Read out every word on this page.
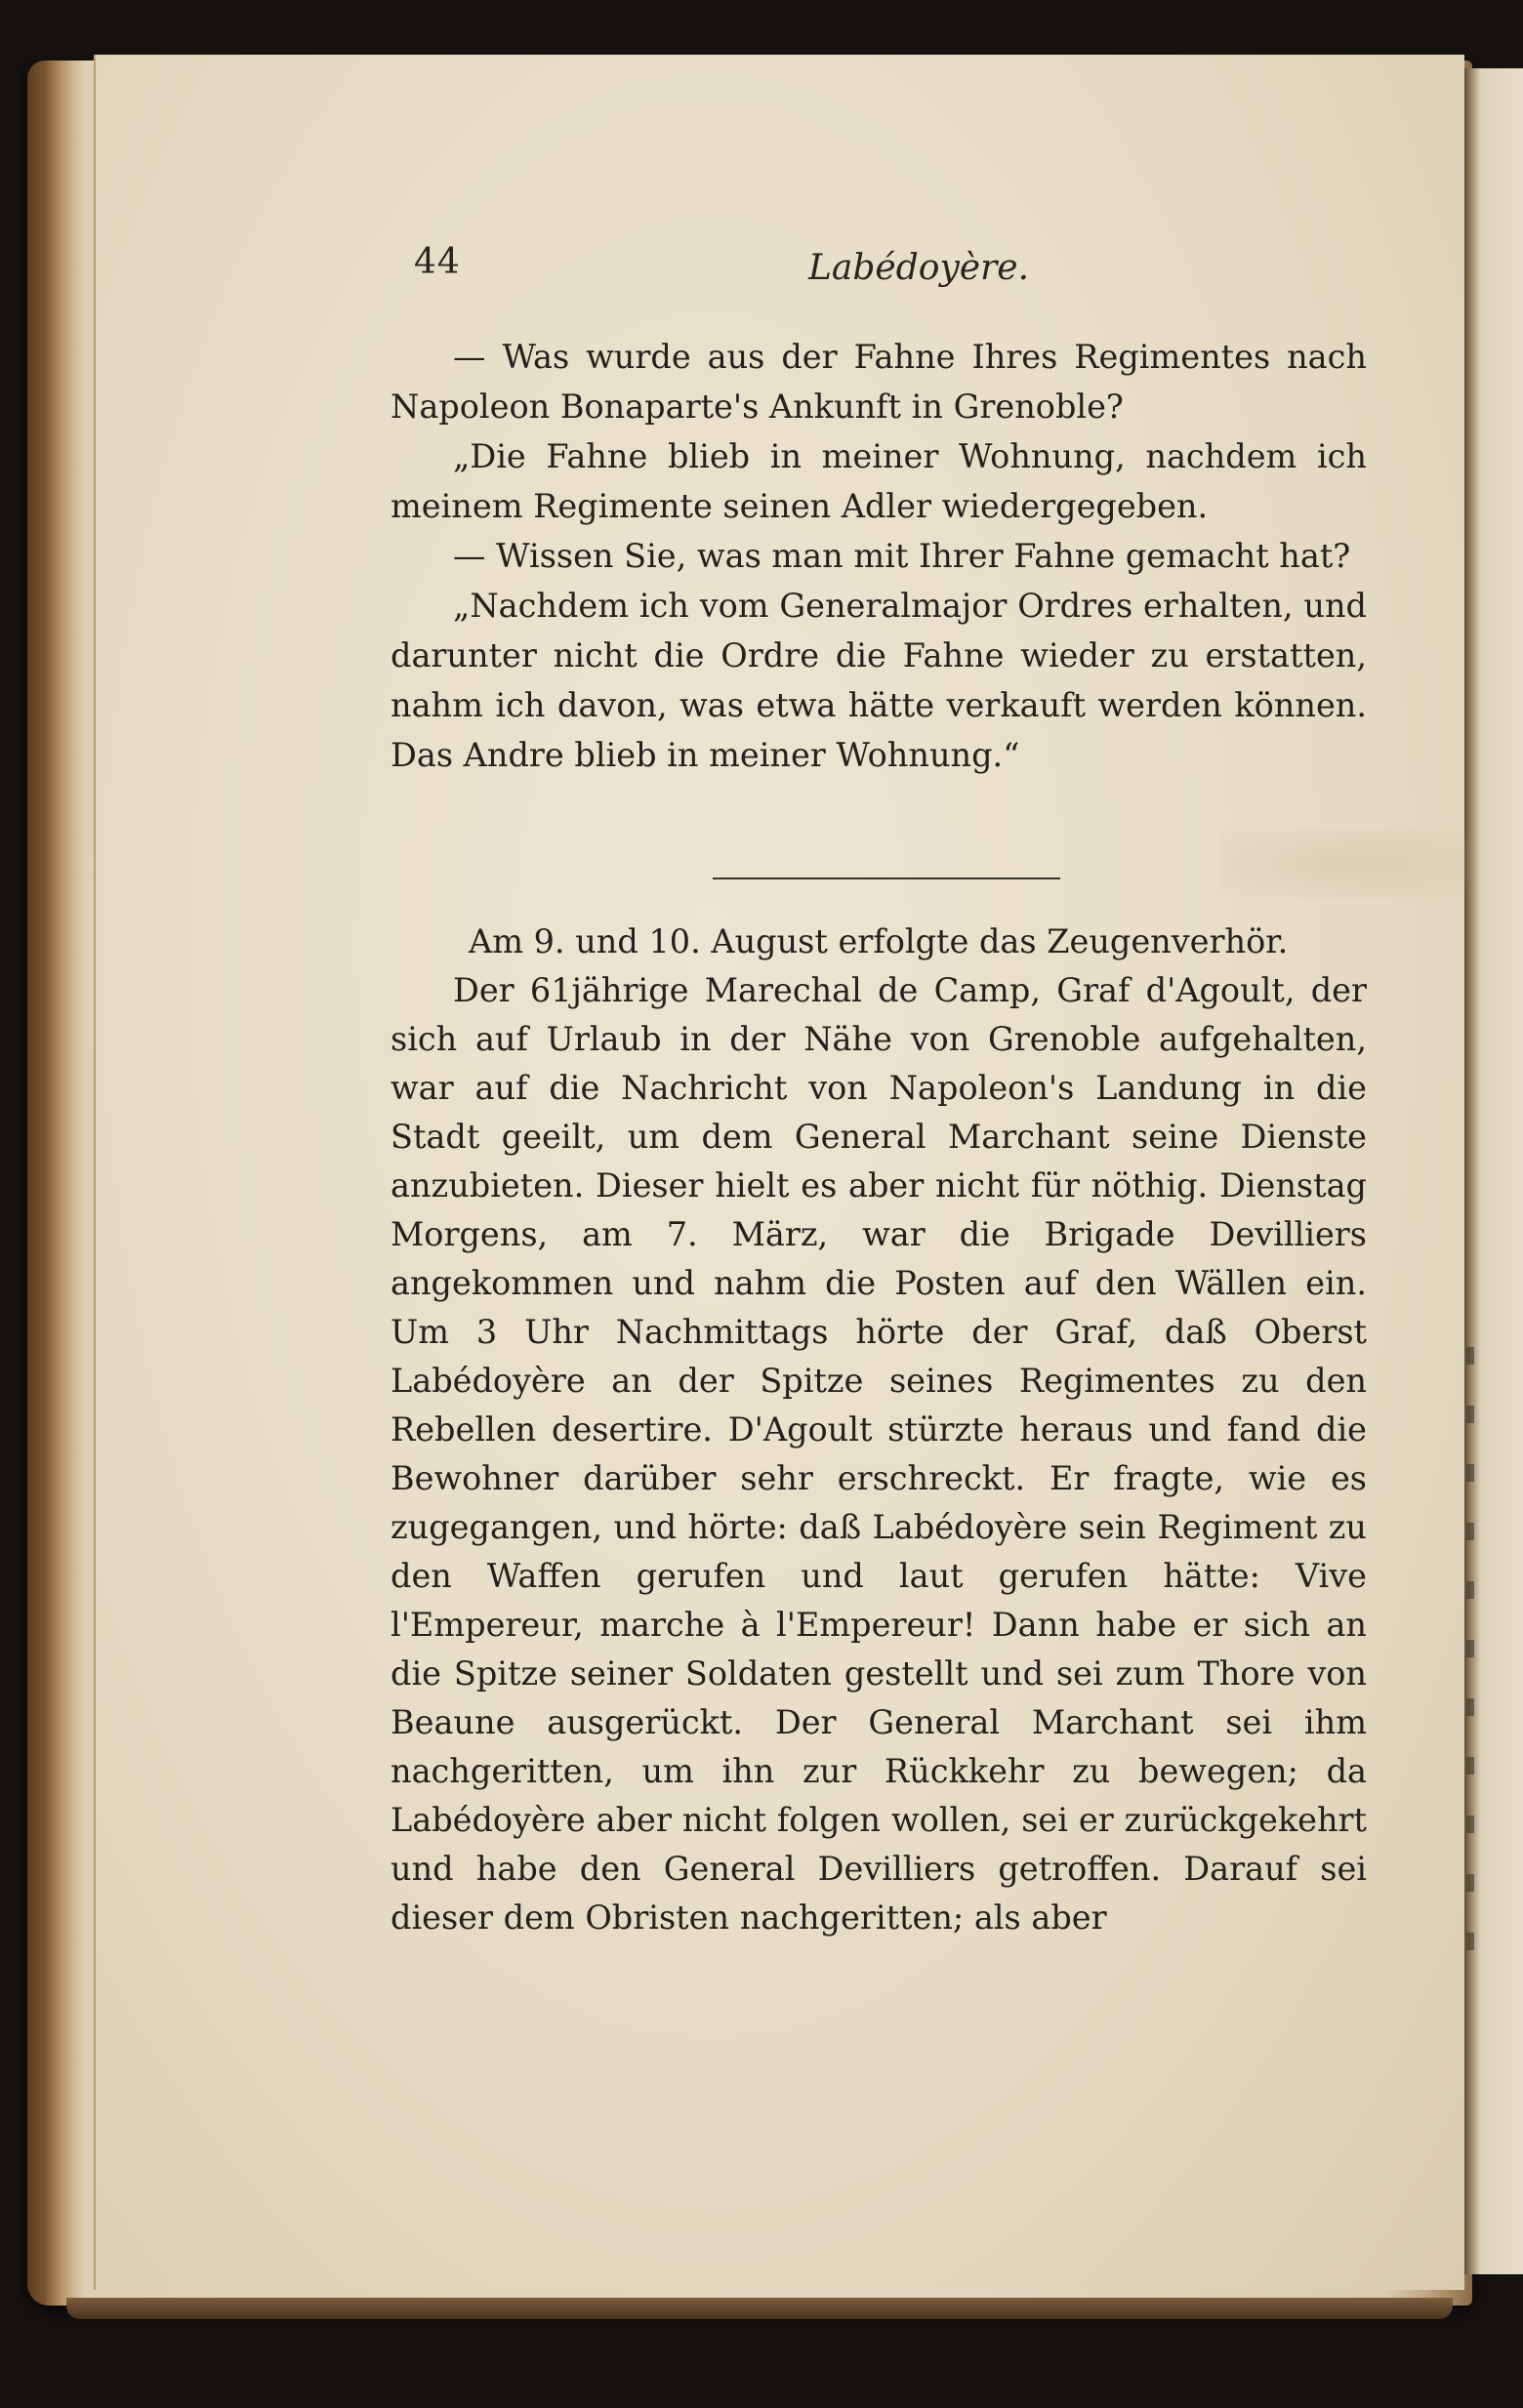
44	Labédoyère.

— Was wurde aus der Fahne Ihres Regimentes nach Napoleon Bonaparte's Ankunft in Grenoble?

„Die Fahne blieb in meiner Wohnung, nachdem ich meinem Regimente seinen Adler wiedergegeben.

— Wissen Sie, was man mit Ihrer Fahne gemacht hat?

„Nachdem ich vom Generalmajor Ordres erhalten, und darunter nicht die Ordre die Fahne wieder zu erstatten, nahm ich davon, was etwa hätte verkauft werden können. Das Andre blieb in meiner Wohnung.“

Am 9. und 10. August erfolgte das Zeugenverhör.

Der 61jährige Marechal de Camp, Graf d'Agoult, der sich auf Urlaub in der Nähe von Grenoble aufgehalten, war auf die Nachricht von Napoleon's Landung in die Stadt geeilt, um dem General Marchant seine Dienste anzubieten. Dieser hielt es aber nicht für nöthig. Dienstag Morgens, am 7. März, war die Brigade Devilliers angekommen und nahm die Posten auf den Wällen ein. Um 3 Uhr Nachmittags hörte der Graf, daß Oberst Labédoyère an der Spitze seines Regimentes zu den Rebellen desertire. D'Agoult stürzte heraus und fand die Bewohner darüber sehr erschreckt. Er fragte, wie es zugegangen, und hörte: daß Labédoyère sein Regiment zu den Waffen gerufen und laut gerufen hätte: Vive l'Empereur, marche à l'Empereur! Dann habe er sich an die Spitze seiner Soldaten gestellt und sei zum Thore von Beaune ausgerückt. Der General Marchant sei ihm nachgeritten, um ihn zur Rückkehr zu bewegen; da Labédoyère aber nicht folgen wollen, sei er zurückgekehrt und habe den General Devilliers getroffen. Darauf sei dieser dem Obristen nachgeritten; als aber
